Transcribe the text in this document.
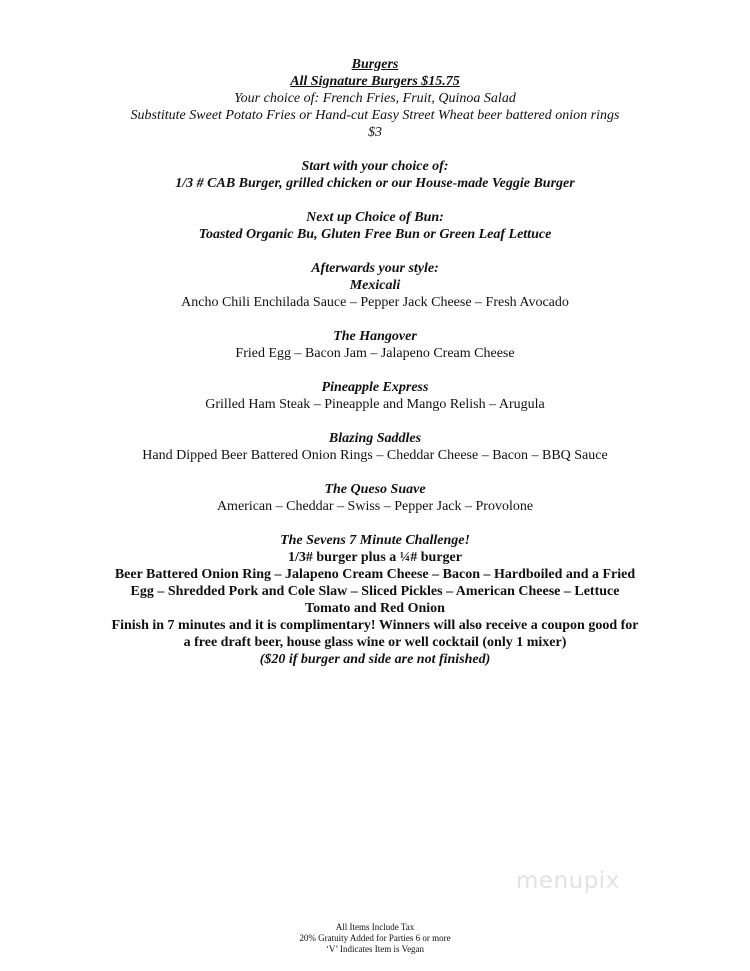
Burgers

All Signature Burgers $15.75

Your choice of: French Fries, Fruit, Quinoa Salad

Substitute Sweet Potato Fries or Hand-cut Easy Street Wheat beer battered onion rings

$3

Start with your choice of:

1/3 # CAB Burger, grilled chicken or our House-made Veggie Burger

Next up Choice of Bun:

Toasted Organic Bu, Gluten Free Bun or Green Leaf Lettuce

Afterwards your style:

Mexicali

Ancho Chili Enchilada Sauce – Pepper Jack Cheese – Fresh Avocado

The Hangover

Fried Egg – Bacon Jam – Jalapeno Cream Cheese

Pineapple Express

Grilled Ham Steak – Pineapple and Mango Relish – Arugula

Blazing Saddles

Hand Dipped Beer Battered Onion Rings – Cheddar Cheese – Bacon – BBQ Sauce

The Queso Suave

American – Cheddar – Swiss – Pepper Jack – Provolone

The Sevens 7 Minute Challenge!

1/3# burger plus a ¼# burger

Beer Battered Onion Ring – Jalapeno Cream Cheese – Bacon – Hardboiled and a Fried Egg – Shredded Pork and Cole Slaw – Sliced Pickles – American Cheese – Lettuce Tomato and Red Onion

Finish in 7 minutes and it is complimentary! Winners will also receive a coupon good for a free draft beer, house glass wine or well cocktail (only 1 mixer)

($20 if burger and side are not finished)

menupix

All Items Include Tax

20% Gratuity Added for Parties 6 or more

‘V’ Indicates Item is Vegan
